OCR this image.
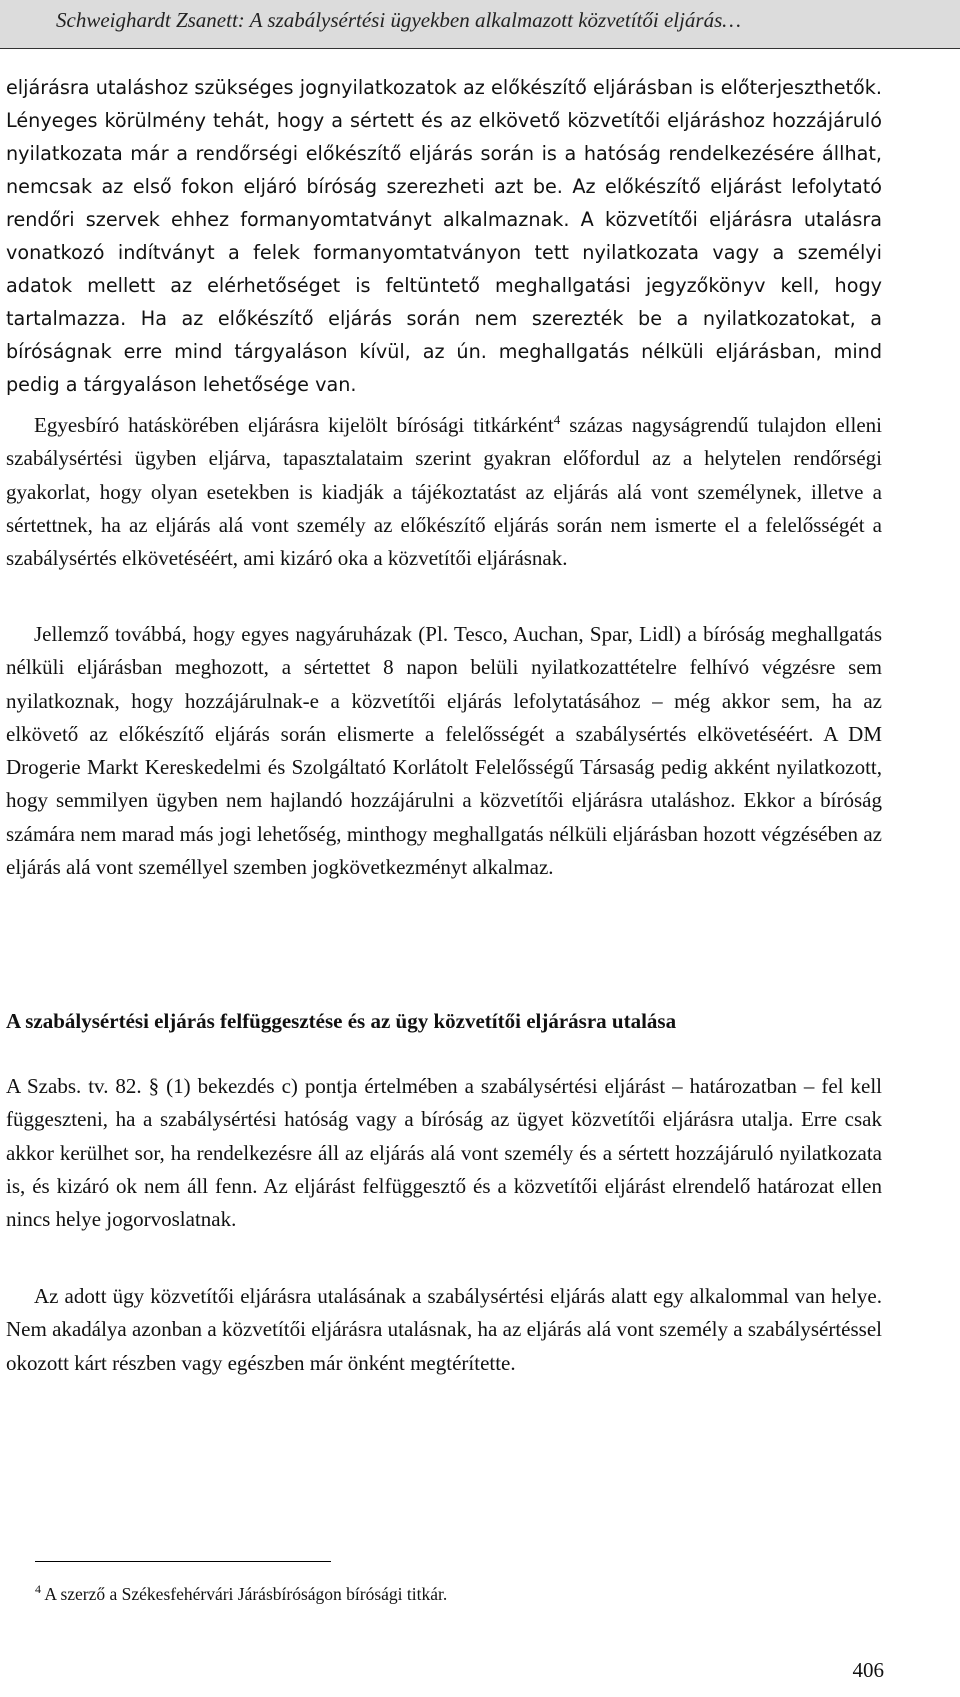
Schweighardt Zsanett: A szabálysértési ügyekben alkalmazott közvetítői eljárás…

eljárásra utaláshoz szükséges jognyilatkozatok az előkészítő eljárásban is előterjeszthetők. Lényeges körülmény tehát, hogy a sértett és az elkövető közvetítői eljáráshoz hozzájáruló nyilatkozata már a rendőrségi előkészítő eljárás során is a hatóság rendelkezésére állhat, nemcsak az első fokon eljáró bíróság szerezheti azt be. Az előkészítő eljárást lefolytató rendőri szervek ehhez formanyomtatványt alkalmaznak. A közvetítői eljárásra utalásra vonatkozó indítványt a felek formanyomtatványon tett nyilatkozata vagy a személyi adatok mellett az elérhetőséget is feltüntető meghallgatási jegyzőkönyv kell, hogy tartalmazza. Ha az előkészítő eljárás során nem szerezték be a nyilatkozatokat, a bíróságnak erre mind tárgyaláson kívül, az ún. meghallgatás nélküli eljárásban, mind pedig a tárgyaláson lehetősége van.

Egyesbíró hatáskörében eljárásra kijelölt bírósági titkárként$^4$ százas nagyságrendű tulajdon elleni szabálysértési ügyben eljárva, tapasztalataim szerint gyakran előfordul az a helytelen rendőrségi gyakorlat, hogy olyan esetekben is kiadják a tájékoztatást az eljárás alá vont személynek, illetve a sértettnek, ha az eljárás alá vont személy az előkészítő eljárás során nem ismerte el a felelősségét a szabálysértés elkövetéséért, ami kizáró oka a közvetítői eljárásnak.

Jellemző továbbá, hogy egyes nagyáruházak (Pl. Tesco, Auchan, Spar, Lidl) a bíróság meghallgatás nélküli eljárásban meghozott, a sértettet 8 napon belüli nyilatkozattételre felhívó végzésre sem nyilatkoznak, hogy hozzájárulnak-e a közvetítői eljárás lefolytatásához – még akkor sem, ha az elkövető az előkészítő eljárás során elismerte a felelősségét a szabálysértés elkövetéséért. A DM Drogerie Markt Kereskedelmi és Szolgáltató Korlátolt Felelősségű Társaság pedig akként nyilatkozott, hogy semmilyen ügyben nem hajlandó hozzájárulni a közvetítői eljárásra utaláshoz. Ekkor a bíróság számára nem marad más jogi lehetőség, minthogy meghallgatás nélküli eljárásban hozott végzésében az eljárás alá vont személlyel szemben jogkövetkezményt alkalmaz.

A szabálysértési eljárás felfüggesztése és az ügy közvetítői eljárásra utalása

A Szabs. tv. 82. § (1) bekezdés c) pontja értelmében a szabálysértési eljárást – határozatban – fel kell függeszteni, ha a szabálysértési hatóság vagy a bíróság az ügyet közvetítői eljárásra utalja. Erre csak akkor kerülhet sor, ha rendelkezésre áll az eljárás alá vont személy és a sértett hozzájáruló nyilatkozata is, és kizáró ok nem áll fenn. Az eljárást felfüggesztő és a közvetítői eljárást elrendelő határozat ellen nincs helye jogorvoslatnak.

Az adott ügy közvetítői eljárásra utalásának a szabálysértési eljárás alatt egy alkalommal van helye. Nem akadálya azonban a közvetítői eljárásra utalásnak, ha az eljárás alá vont személy a szabálysértéssel okozott kárt részben vagy egészben már önként megtérítette.

$^4$ A szerző a Székesfehérvári Járásbíróságon bírósági titkár.

406
